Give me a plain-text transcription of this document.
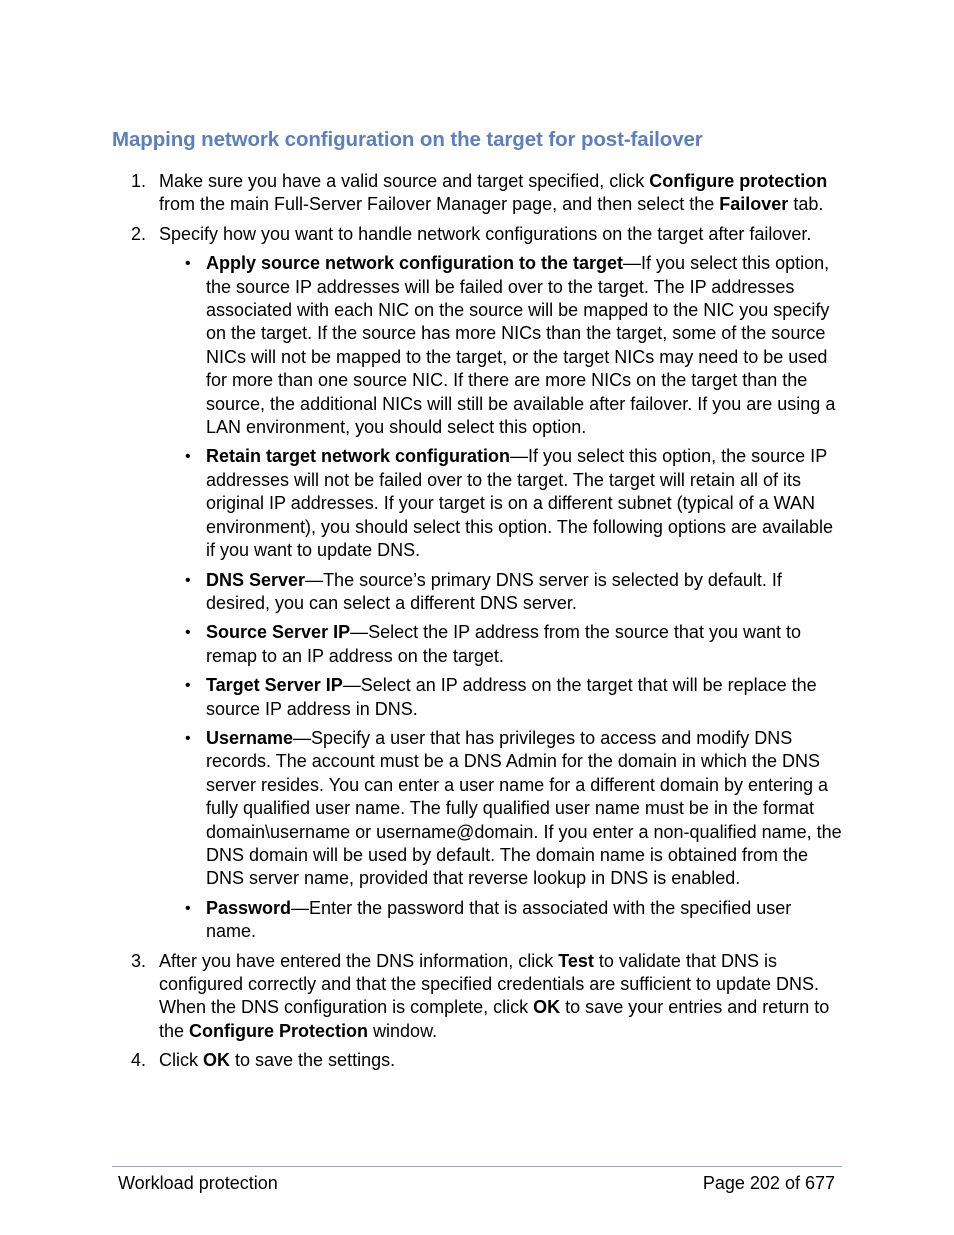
Mapping network configuration on the target for post-failover
1. Make sure you have a valid source and target specified, click Configure protection from the main Full-Server Failover Manager page, and then select the Failover tab.
2. Specify how you want to handle network configurations on the target after failover.
• Apply source network configuration to the target—If you select this option, the source IP addresses will be failed over to the target. The IP addresses associated with each NIC on the source will be mapped to the NIC you specify on the target. If the source has more NICs than the target, some of the source NICs will not be mapped to the target, or the target NICs may need to be used for more than one source NIC. If there are more NICs on the target than the source, the additional NICs will still be available after failover. If you are using a LAN environment, you should select this option.
• Retain target network configuration—If you select this option, the source IP addresses will not be failed over to the target. The target will retain all of its original IP addresses. If your target is on a different subnet (typical of a WAN environment), you should select this option. The following options are available if you want to update DNS.
• DNS Server—The source’s primary DNS server is selected by default. If desired, you can select a different DNS server.
• Source Server IP—Select the IP address from the source that you want to remap to an IP address on the target.
• Target Server IP—Select an IP address on the target that will be replace the source IP address in DNS.
• Username—Specify a user that has privileges to access and modify DNS records. The account must be a DNS Admin for the domain in which the DNS server resides. You can enter a user name for a different domain by entering a fully qualified user name. The fully qualified user name must be in the format domain\username or username@domain. If you enter a non-qualified name, the DNS domain will be used by default. The domain name is obtained from the DNS server name, provided that reverse lookup in DNS is enabled.
• Password—Enter the password that is associated with the specified user name.
3. After you have entered the DNS information, click Test to validate that DNS is configured correctly and that the specified credentials are sufficient to update DNS. When the DNS configuration is complete, click OK to save your entries and return to the Configure Protection window.
4. Click OK to save the settings.
Workload protection	Page 202 of 677
